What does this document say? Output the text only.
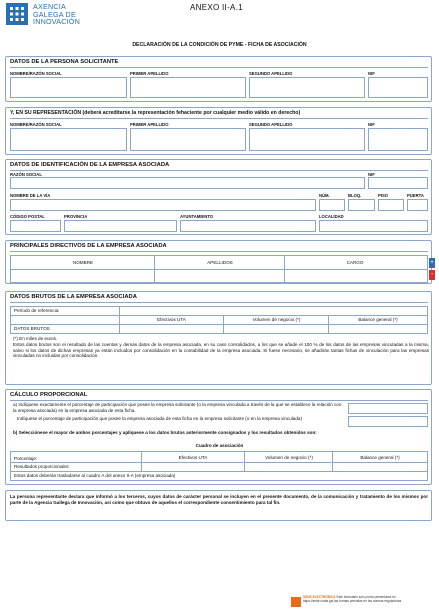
AXENCIA
GALEGA DE
INNOVACIÓN
ANEXO II-A.1
DECLARACIÓN DE LA CONDICIÓN DE PYME - FICHA DE ASOCIACIÓN
DATOS DE LA PERSONA SOLICITANTE
NOMBRE/RAZÓN SOCIAL	PRIMER APELLIDO	SEGUNDO APELLIDO	NIF
Y, EN SU REPRESENTACIÓN (deberá acreditarse la representación fehaciente por cualquier medio válido en derecho)
NOMBRE/RAZÓN SOCIAL	PRIMER APELLIDO	SEGUNDO APELLIDO	NIF
DATOS DE IDENTIFICACIÓN DE LA EMPRESA ASOCIADA
RAZÓN SOCIAL	NIF
NOMBRE DE LA VÍA	NÚM.	BLOQ.	PISO	PUERTA
CÓDIGO POSTAL	PROVINCIA	AYUNTAMIENTO	LOCALIDAD
PRINCIPALES DIRECTIVOS DE LA EMPRESA ASOCIADA
NOMBRE	APELLIDOS	CARGO	+
-
DATOS BRUTOS DE LA EMPRESA ASOCIADA
Período de referencia:
Efectivos UTA	Volumen de negocio (*)	Balance general (*)
DATOS BRUTOS
(*) En miles de euros.
Estos datos brutos son el resultado de las cuentas y demás datos de la empresa asociada, en su caso consolidados, a los que se añade el 100 % de los datos de las empresas vinculadas a la misma, salvo si los datos de dichas empresas ya están incluidos por consolidación en la contabilidad de la empresa asociada. Si fuese necesario, se añadirán tantas fichas de vinculación para las empresas vinculadas no incluidas por consolidación.
CÁLCULO PROPORCIONAL
a) Indíquese exactamente el porcentaje de participación que posee la empresa solicitante (o la empresa vinculada a través de la que se establece la relación con la empresa asociada) en la empresa asociada de esta ficha.
Indíquese el porcentaje de participación que posee la empresa asociada de esta ficha en la empresa solicitante (o en la empresa vinculada)
b) Selecciónese el mayor de ambos porcentajes y aplíquese a los datos brutos anteriormente consignados y los resultados obtenidos son:
Cuadro de asociación
Porcentaje:	Efectivos UTA	Volumen de negocio (*)	Balance general (*)
Resultados proporcionales:
Estos datos deberán trasladarse al cuadro A del anexo II-A (empresa asociada)
La persona representante declara que informó a los terceros, cuyos datos de carácter personal se incluyen en el presente documento, de la comunicación y tratamiento de los mismos por parte de la Agencia Gallega de Innovación, así como que obtuvo de aquellos el correspondiente consentimiento para tal fin.
SEDE ELECTRÓNICA Este formulario solo podrá presentarse en
https://sede.xunta.gal las formas previstas en las normas reguladoras
